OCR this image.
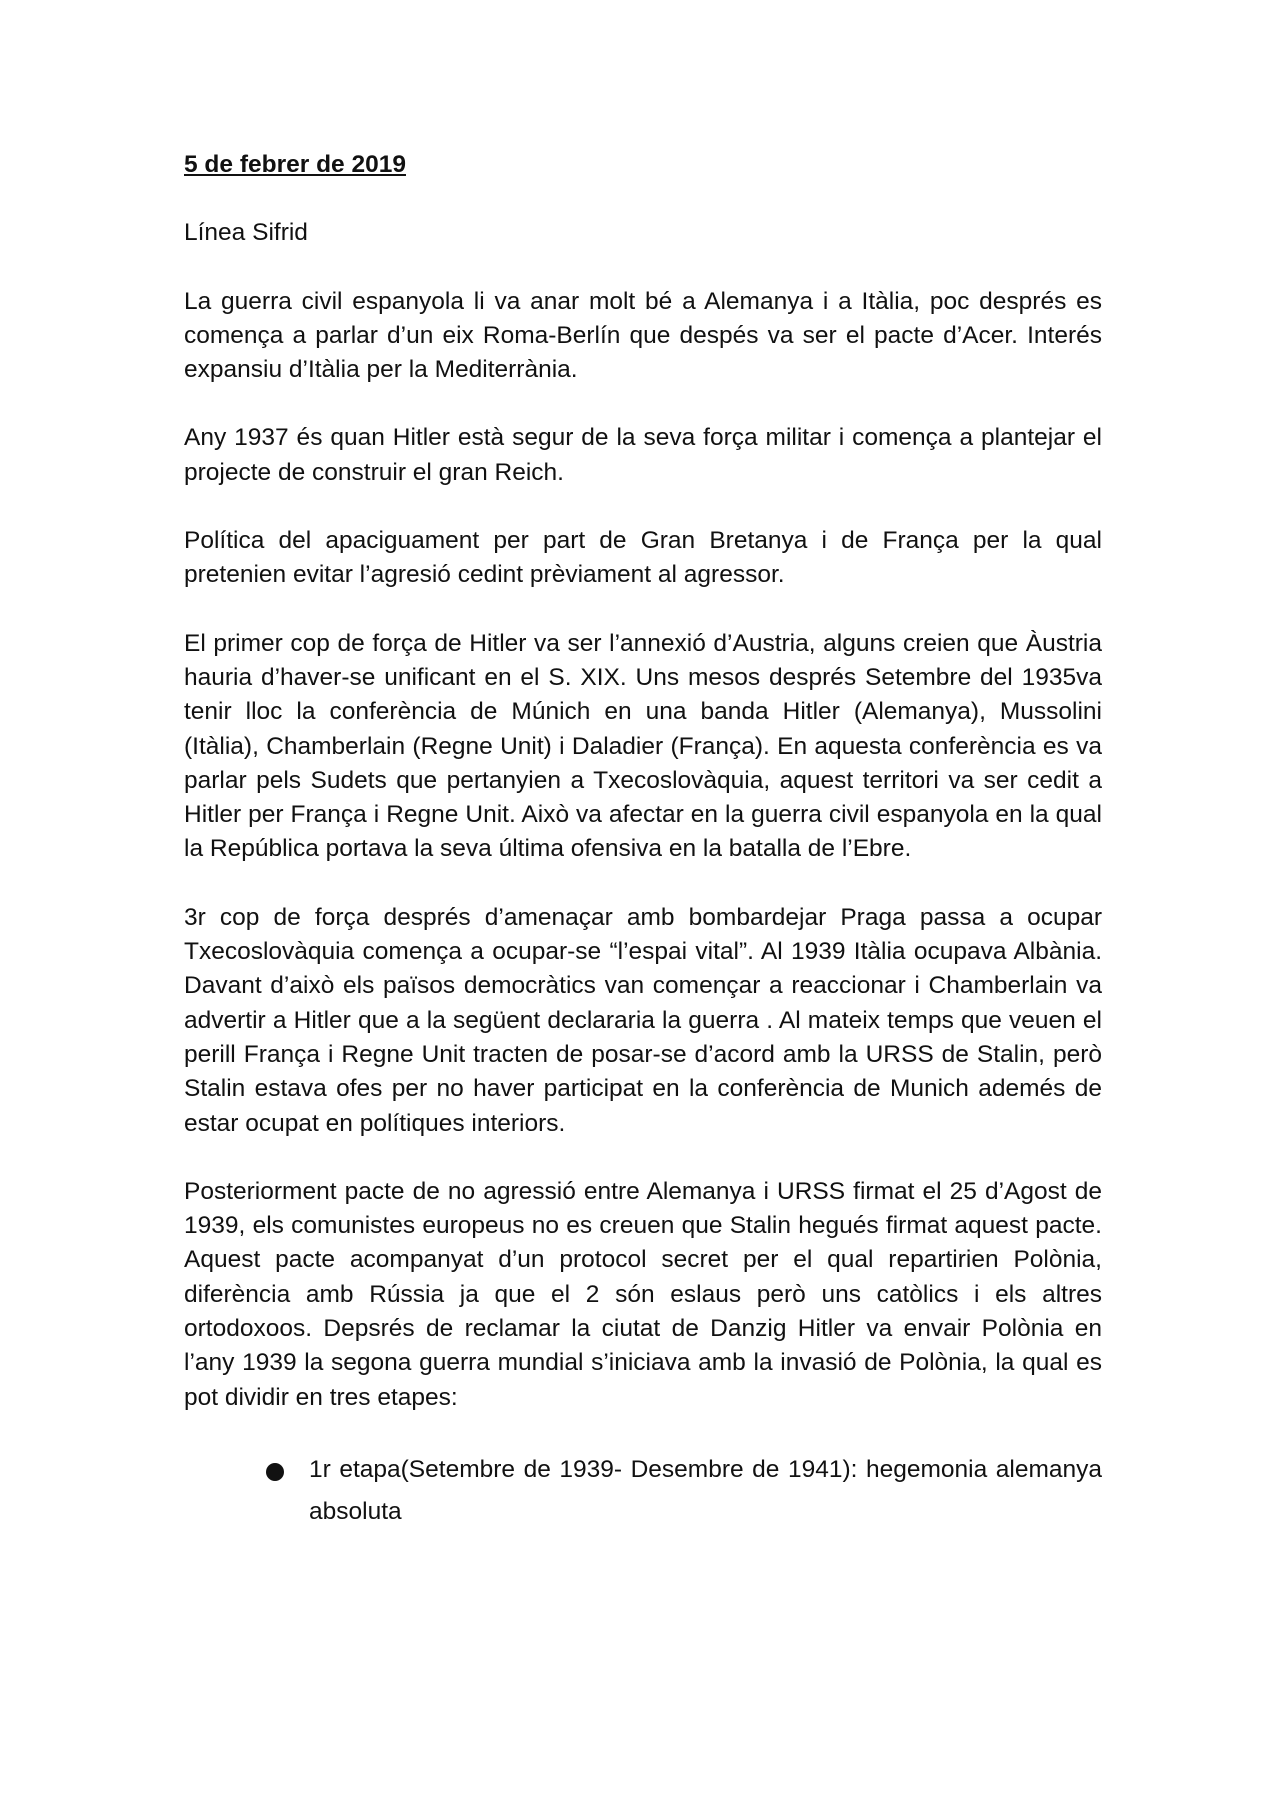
5 de febrer de 2019
Línea Sifrid

La guerra civil espanyola li va anar molt bé a Alemanya i a Itàlia, poc després es comença a parlar d’un eix Roma-Berlín que despés va ser el pacte d’Acer. Interés expansiu d’Itàlia per la Mediterrània.

Any 1937 és quan Hitler està segur de la seva força militar i comença a plantejar el projecte de construir el gran Reich.

Política del apaciguament per part de Gran Bretanya i de França per la qual pretenien evitar l’agresió cedint prèviament al agressor.

El primer cop de força de Hitler va ser l’annexió d’Austria, alguns creien que Àustria hauria d’haver-se unificant en el S. XIX. Uns mesos després Setembre del 1935va tenir lloc la conferència de Múnich en una banda Hitler (Alemanya), Mussolini (Itàlia), Chamberlain (Regne Unit) i Daladier (França). En aquesta conferència es va parlar pels Sudets que pertanyien a Txecoslovàquia, aquest territori va ser cedit a Hitler per França i Regne Unit. Això va afectar en la guerra civil espanyola en la qual la República portava la seva última ofensiva en la batalla de l’Ebre.

3r cop de força després d’amenaçar amb bombardejar Praga passa a ocupar Txecoslovàquia comença a ocupar-se “l’espai vital”. Al 1939 Itàlia ocupava Albània. Davant d’això els països democràtics van començar a reaccionar i Chamberlain va advertir a Hitler que a la següent declararia la guerra . Al mateix temps que veuen el perill França i Regne Unit tracten de posar-se d’acord amb la URSS de Stalin, però Stalin estava ofes per no haver participat en la conferència de Munich ademés de estar ocupat en polítiques interiors.

Posteriorment pacte de no agressió entre Alemanya i URSS firmat el 25 d’Agost de 1939, els comunistes europeus no es creuen que Stalin hegués firmat aquest pacte. Aquest pacte acompanyat d’un protocol secret per el qual repartirien Polònia, diferència amb Rússia ja que el 2 són eslaus però uns catòlics i els altres ortodoxoos. Depsrés de reclamar la ciutat de Danzig Hitler va envair Polònia en l’any 1939 la segona guerra mundial s’iniciava amb la invasió de Polònia, la qual es pot dividir en tres etapes:

1r etapa(Setembre de 1939- Desembre de 1941): hegemonia alemanya absoluta
